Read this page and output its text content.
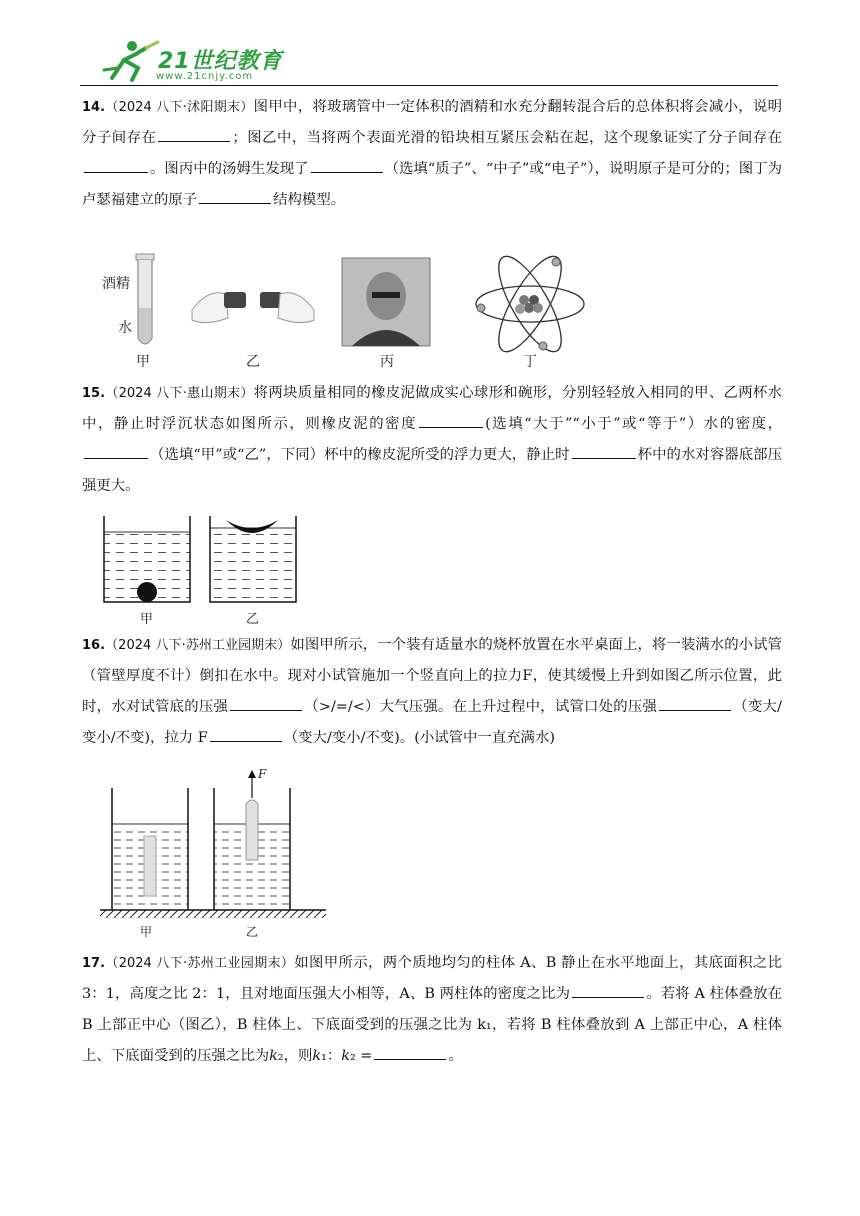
21世纪教育
www.21cnjy.com
14.（2024 八下·沭阳期末）图甲中，将玻璃管中一定体积的酒精和水充分翻转混合后的总体积将会减小，说明分子间存在	；图乙中，当将两个表面光滑的铅块相互紧压会粘在起，这个现象证实了分子间存在。图丙中的汤姆生发现了	（选填“质子”、“中子”或“电子”），说明原子是可分的；图丁为卢瑟福建立的原子	结构模型。
酒精
水
甲	乙	丙	丁
15.（2024 八下·惠山期末）将两块质量相同的橡皮泥做成实心球形和碗形，分别轻轻放入相同的甲、乙两杯水中，静止时浮沉状态如图所示，则橡皮泥的密度	(选填“大于”“小于”或“等于”）水的密度，（选填“甲”或“乙”，下同）杯中的橡皮泥所受的浮力更大，静止时	杯中的水对容器底部压强更大。
甲	乙
16.（2024 八下·苏州工业园期末）如图甲所示，一个装有适量水的烧杯放置在水平桌面上，将一装满水的小试管（管壁厚度不计）倒扣在水中。现对小试管施加一个竖直向上的拉力F，使其缓慢上升到如图乙所示位置，此时，水对试管底的压强	（>/=/<）大气压强。在上升过程中，试管口处的压强	（变大/变小/不变)，拉力 F	（变大/变小/不变)。(小试管中一直充满水)
甲
F
乙
17.（2024 八下·苏州工业园期末）如图甲所示，两个质地均匀的柱体 A、B 静止在水平地面上，其底面积之比 3：1，高度之比 2：1，且对地面压强大小相等，A、B 两柱体的密度之比为	。若将 A 柱体叠放在 B 上部正中心（图乙），B 柱体上、下底面受到的压强之比为 k₁，若将 B 柱体叠放到 A 上部正中心，A 柱体上、下底面受到的压强之比为𝑘₂，则𝑘₁：𝑘₂ =	。
